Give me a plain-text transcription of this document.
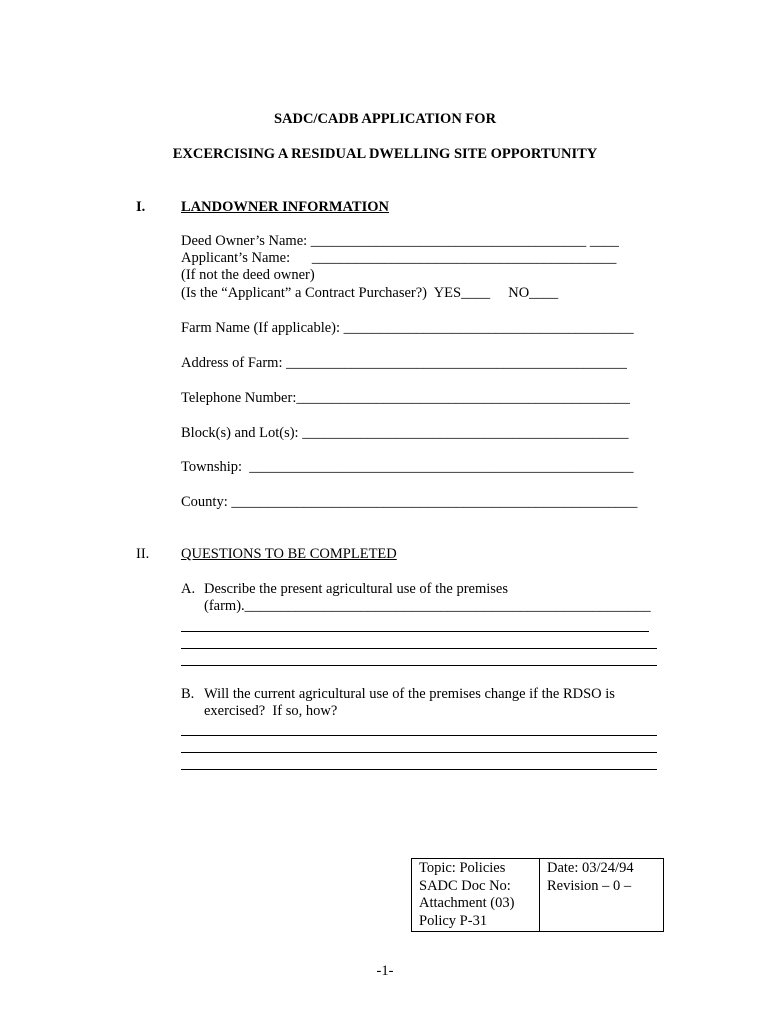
SADC/CADB APPLICATION FOR
EXCERCISING A RESIDUAL DWELLING SITE OPPORTUNITY
I. LANDOWNER INFORMATION
Deed Owner’s Name: ______________________________________ ____
Applicant’s Name:      __________________________________________
(If not the deed owner)
(Is the “Applicant” a Contract Purchaser?)  YES____     NO____
Farm Name (If applicable): ________________________________________
Address of Farm: _______________________________________________
Telephone Number:______________________________________________
Block(s) and Lot(s): _____________________________________________
Township:  _____________________________________________________
County: ________________________________________________________
II. QUESTIONS TO BE COMPLETED
A. Describe the present agricultural use of the premises
(farm).________________________________________________________
B. Will the current agricultural use of the premises change if the RDSO is
exercised?  If so, how?
Topic: Policies
SADC Doc No:
Attachment (03)
Policy P-31

Date: 03/24/94
Revision – 0 –
-1-
